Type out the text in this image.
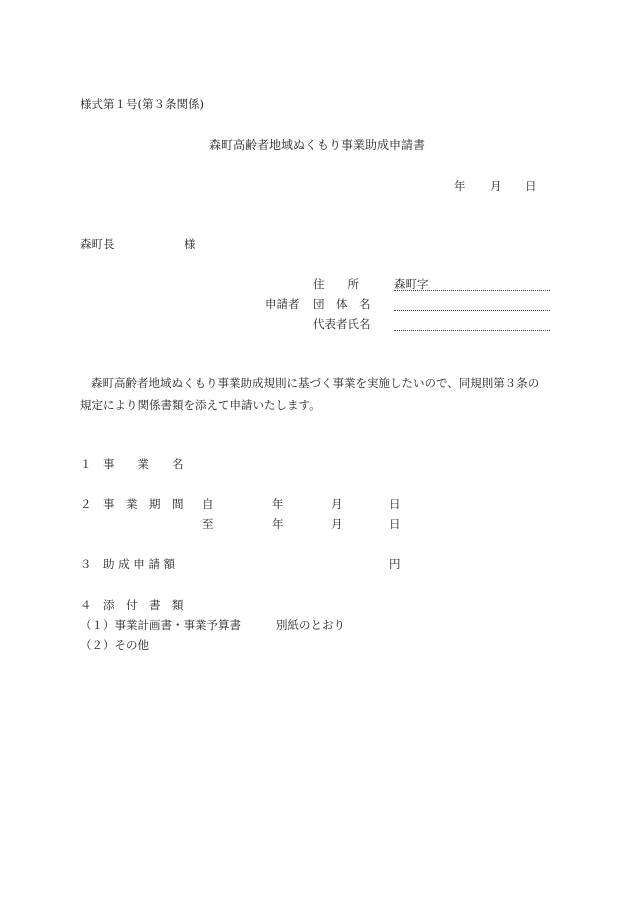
様式第１号(第３条関係)
森町高齢者地域ぬくもり事業助成申請書
年 月 日
森町長	様
住　　所	森町字
申請者 団　体　名
代表者氏名
森町高齢者地域ぬくもり事業助成規則に基づく事業を実施したいので、同規則第３条の
規定により関係書類を添えて申請いたします。
１　事　　業　　名
２　事　業　期　間 自	年	月	日
至	年	月	日
３　助 成 申 請 額	円
４　添　付　書　類
（１）事業計画書・事業予算書	別紙のとおり
（２）その他
